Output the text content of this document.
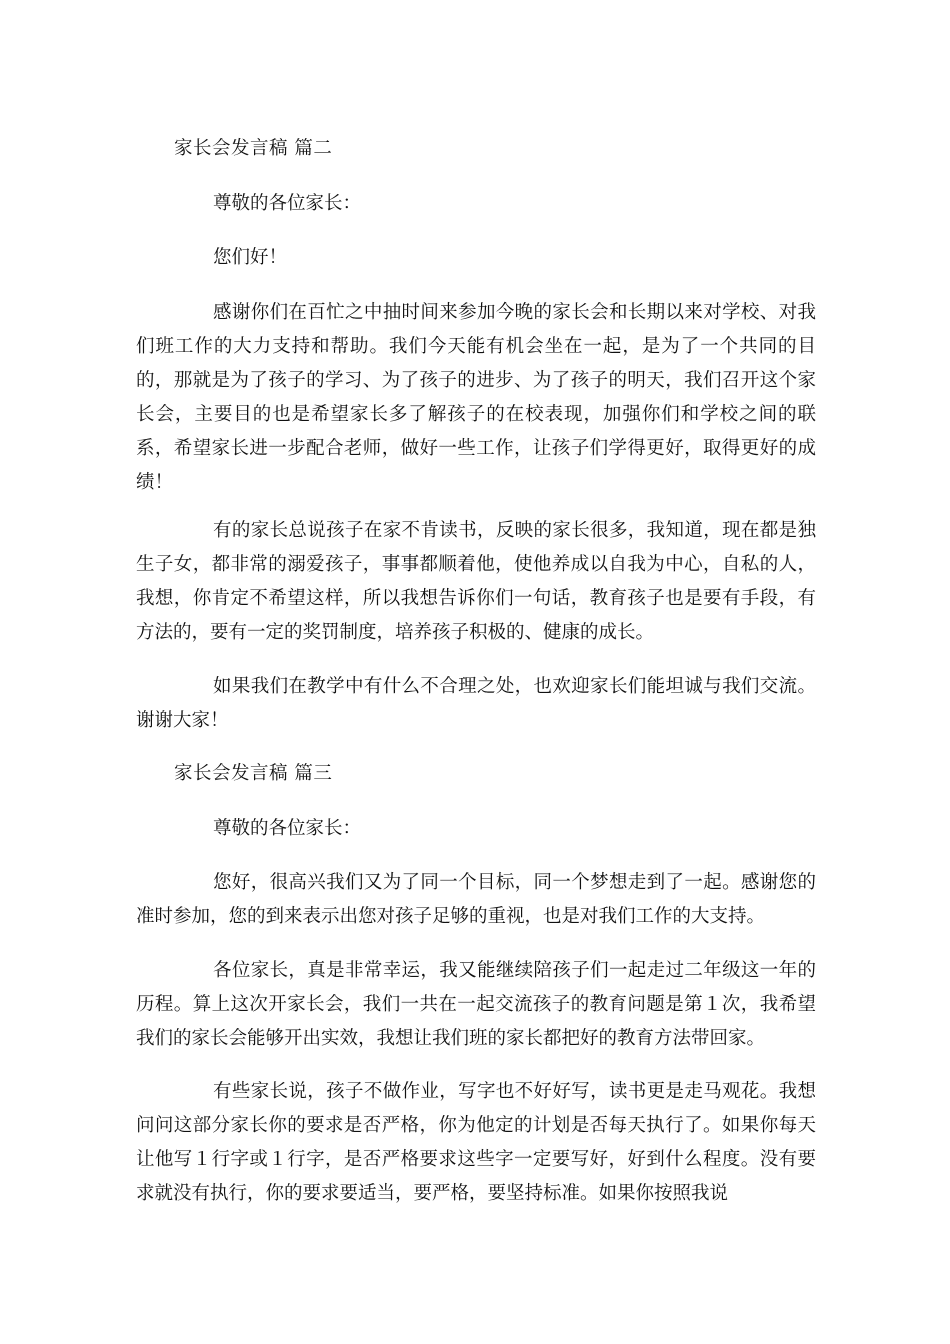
家长会发言稿 篇二

尊敬的各位家长：

您们好！

感谢你们在百忙之中抽时间来参加今晚的家长会和长期以来对学校、对我们班工作的大力支持和帮助。我们今天能有机会坐在一起，是为了一个共同的目的，那就是为了孩子的学习、为了孩子的进步、为了孩子的明天，我们召开这个家长会，主要目的也是希望家长多了解孩子的在校表现，加强你们和学校之间的联系，希望家长进一步配合老师，做好一些工作，让孩子们学得更好，取得更好的成绩！

有的家长总说孩子在家不肯读书，反映的家长很多，我知道，现在都是独生子女，都非常的溺爱孩子，事事都顺着他，使他养成以自我为中心，自私的人，我想，你肯定不希望这样，所以我想告诉你们一句话，教育孩子也是要有手段，有方法的，要有一定的奖罚制度，培养孩子积极的、健康的成长。

如果我们在教学中有什么不合理之处，也欢迎家长们能坦诚与我们交流。谢谢大家！

家长会发言稿 篇三

尊敬的各位家长：

您好，很高兴我们又为了同一个目标，同一个梦想走到了一起。感谢您的准时参加，您的到来表示出您对孩子足够的重视，也是对我们工作的大支持。

各位家长，真是非常幸运，我又能继续陪孩子们一起走过二年级这一年的历程。算上这次开家长会，我们一共在一起交流孩子的教育问题是第１次，我希望我们的家长会能够开出实效，我想让我们班的家长都把好的教育方法带回家。

有些家长说，孩子不做作业，写字也不好好写，读书更是走马观花。我想问问这部分家长你的要求是否严格，你为他定的计划是否每天执行了。如果你每天让他写１行字或１行字，是否严格要求这些字一定要写好，好到什么程度。没有要求就没有执行，你的要求要适当，要严格，要坚持标准。如果你按照我说
